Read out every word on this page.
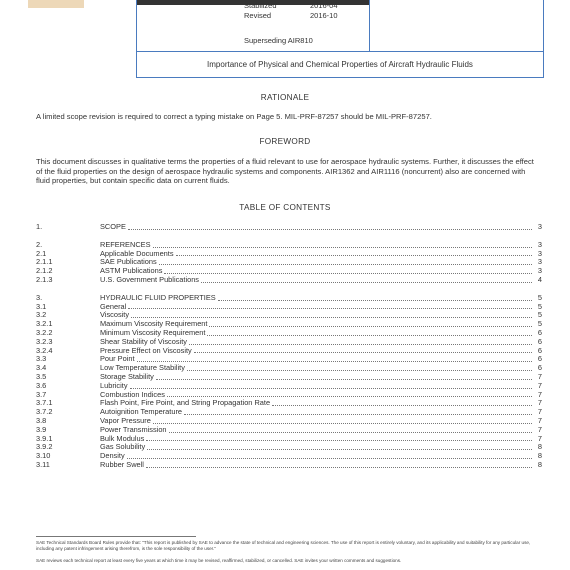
Stabilized	2016-04
Revised	2016-10
Superseding AIR810
Importance of Physical and Chemical Properties of Aircraft Hydraulic Fluids
RATIONALE
A limited scope revision is required to correct a typing mistake on Page 5. MIL-PRF-87257 should be MIL-PRF-87257.
FOREWORD
This document discusses in qualitative terms the properties of a fluid relevant to use for aerospace hydraulic systems. Further, it discusses the effect of the fluid properties on the design of aerospace hydraulic systems and components. AIR1362 and AIR1116 (noncurrent) also are concerned with fluid properties, but contain specific data on current fluids.
TABLE OF CONTENTS
1.	SCOPE	3
2.	REFERENCES	3
2.1	Applicable Documents	3
2.1.1	SAE Publications	3
2.1.2	ASTM Publications	3
2.1.3	U.S. Government Publications	4
3.	HYDRAULIC FLUID PROPERTIES	5
3.1	General	5
3.2	Viscosity	5
3.2.1	Maximum Viscosity Requirement	5
3.2.2	Minimum Viscosity Requirement	6
3.2.3	Shear Stability of Viscosity	6
3.2.4	Pressure Effect on Viscosity	6
3.3	Pour Point	6
3.4	Low Temperature Stability	6
3.5	Storage Stability	7
3.6	Lubricity	7
3.7	Combustion Indices	7
3.7.1	Flash Point, Fire Point, and String Propagation Rate	7
3.7.2	Autoignition Temperature	7
3.8	Vapor Pressure	7
3.9	Power Transmission	7
3.9.1	Bulk Modulus	7
3.9.2	Gas Solubility	8
3.10	Density	8
3.11	Rubber Swell	8
SAE Technical Standards Board Rules provide that: "This report is published by SAE to advance the state of technical and engineering sciences. The use of this report is entirely voluntary, and its applicability and suitability for any particular use, including any patent infringement arising therefrom, is the sole responsibility of the user."
SAE reviews each technical report at least every five years at which time it may be revised, reaffirmed, stabilized, or cancelled. SAE invites your written comments and suggestions.
